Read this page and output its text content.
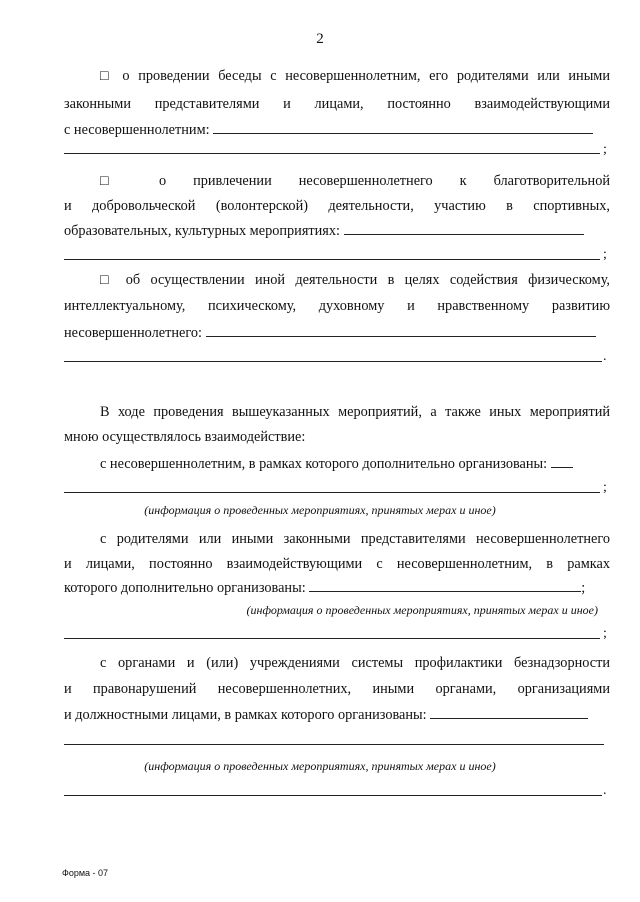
2
□ о проведении беседы с несовершеннолетним, его родителями или иными
законными представителями и лицами, постоянно взаимодействующими
с несовершеннолетним:
;
□ о привлечении несовершеннолетнего к благотворительной
и добровольческой (волонтерской) деятельности, участию в спортивных,
образовательных, культурных мероприятиях:
;
□ об осуществлении иной деятельности в целях содействия физическому,
интеллектуальному, психическому, духовному и нравственному развитию
несовершеннолетнего:
.
В ходе проведения вышеуказанных мероприятий, а также иных мероприятий
мною осуществлялось взаимодействие:
с несовершеннолетним, в рамках которого дополнительно организованы:
;
(информация о проведенных мероприятиях, принятых мерах и иное)
с родителями или иными законными представителями несовершеннолетнего
и лицами, постоянно взаимодействующими с несовершеннолетним, в рамках
которого дополнительно организованы:	;
(информация о проведенных мероприятиях, принятых мерах и иное)
;
с органами и (или) учреждениями системы профилактики безнадзорности
и правонарушений несовершеннолетних, иными органами, организациями
и должностными лицами, в рамках которого организованы:
(информация о проведенных мероприятиях, принятых мерах и иное)
.
Форма - 07
